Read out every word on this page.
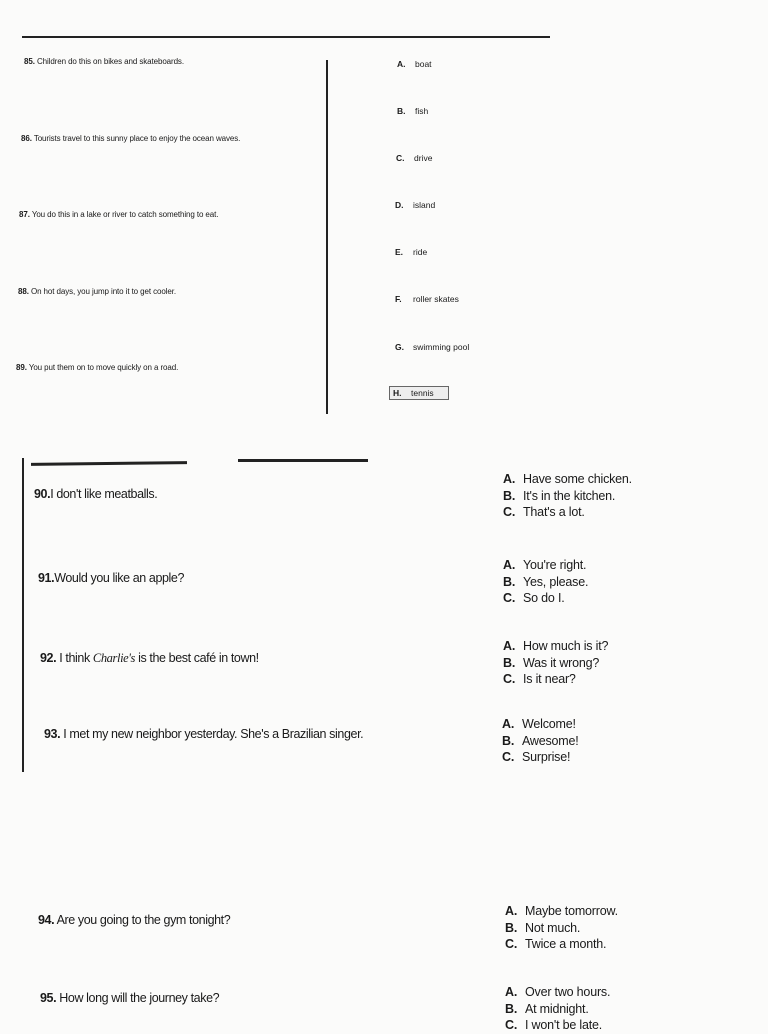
85. Children do this on bikes and skateboards.
86. Tourists travel to this sunny place to enjoy the ocean waves.
87. You do this in a lake or river to catch something to eat.
88. On hot days, you jump into it to get cooler.
89. You put them on to move quickly on a road.
A. boat
B. fish
C. drive
D. island
E. ride
F. roller skates
G. swimming pool
H. tennis
90.I don't like meatballs.
A. Have some chicken.
B. It's in the kitchen.
C. That's a lot.
91.Would you like an apple?
A. You're right.
B. Yes, please.
C. So do I.
92. I think Charlie's is the best café in town!
A. How much is it?
B. Was it wrong?
C. Is it near?
93. I met my new neighbor yesterday. She's a Brazilian singer.
A. Welcome!
B. Awesome!
C. Surprise!
94. Are you going to the gym tonight?
A. Maybe tomorrow.
B. Not much.
C. Twice a month.
95. How long will the journey take?	A. Over two hours.
B. At midnight.
C. I won't be late.
